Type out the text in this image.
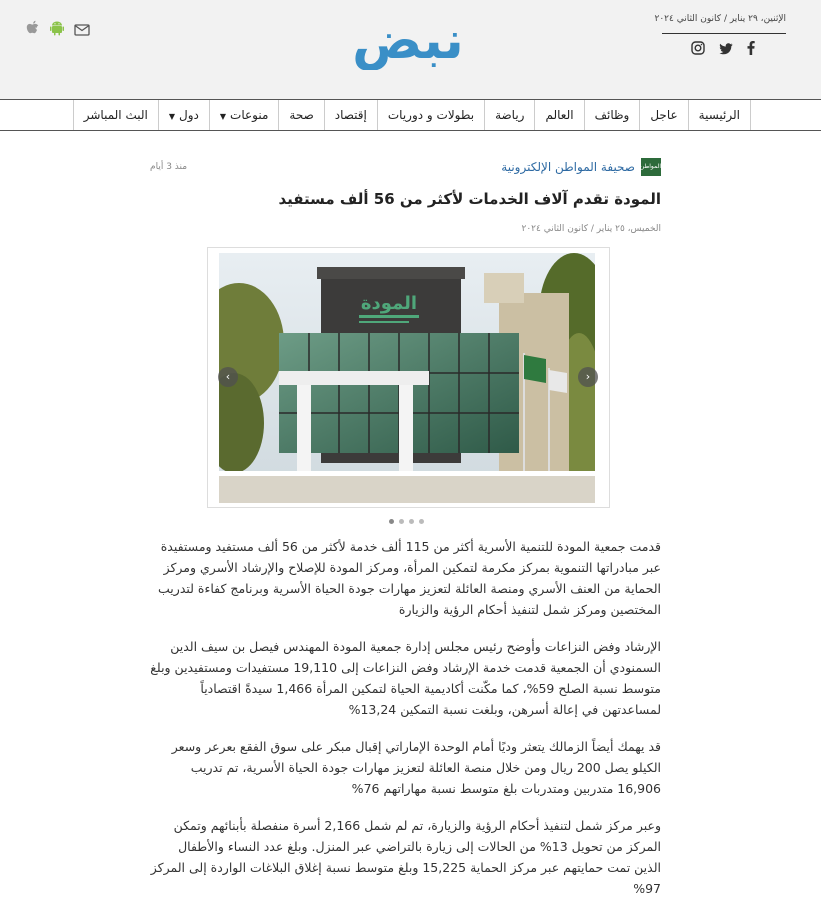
نبض	الإثنين، ٢٩ يناير / كانون الثاني ٢٠٢٤
الرئيسية
عاجل
وظائف
العالم
رياضة
بطولات و دوريات
إقتصاد
صحة
منوعات▼
دول▼
البث المباشر
المواطن
صحيفة المواطن الإلكترونية
منذ 3 أيام
المودة تقدم آلاف الخدمات لأكثر من 56 ألف مستفيد
الخميس، ٢٥ يناير / كانون الثاني ٢٠٢٤
المودة
‹	›

قدمت جمعية المودة للتنمية الأسرية أكثر من 115 ألف خدمة لأكثر من 56 ألف مستفيد ومستفيدة عبر مبادراتها التنموية بمركز مكرمة لتمكين المرأة، ومركز المودة للإصلاح والإرشاد الأسري ومركز الحماية من العنف الأسري ومنصة العائلة لتعزيز مهارات جودة الحياة الأسرية وبرنامج كفاءة لتدريب المختصين ومركز شمل لتنفيذ أحكام الرؤية والزيارة

الإرشاد وفض النزاعات وأوضح رئيس مجلس إدارة جمعية المودة المهندس فيصل بن سيف الدين السمنودي أن الجمعية قدمت خدمة الإرشاد وفض النزاعات إلى 19,110 مستفيدات ومستفيدين وبلغ متوسط نسبة الصلح 59%، كما مكّنت أكاديمية الحياة لتمكين المرأة 1,466 سيدةً اقتصادياً لمساعدتهن في إعالة أسرهن، وبلغت نسبة التمكين 13,24%

قد يهمك أيضاً الزمالك يتعثر وديًا أمام الوحدة الإماراتي إقبال مبكر على سوق الفقع بعرعر وسعر الكيلو يصل 200 ريال ومن خلال منصة العائلة لتعزيز مهارات جودة الحياة الأسرية، تم تدريب 16,906 متدربين ومتدربات بلغ متوسط نسبة مهاراتهم 76%

وعبر مركز شمل لتنفيذ أحكام الرؤية والزيارة، تم لم شمل 2,166 أسرة منفصلة بأبنائهم وتمكن المركز من تحويل 13% من الحالات إلى زيارة بالتراضي عبر المنزل. وبلغ عدد النساء والأطفال الذين تمت حمايتهم عبر مركز الحماية 15,225 وبلغ متوسط نسبة إغلاق البلاغات الواردة إلى المركز 97%
